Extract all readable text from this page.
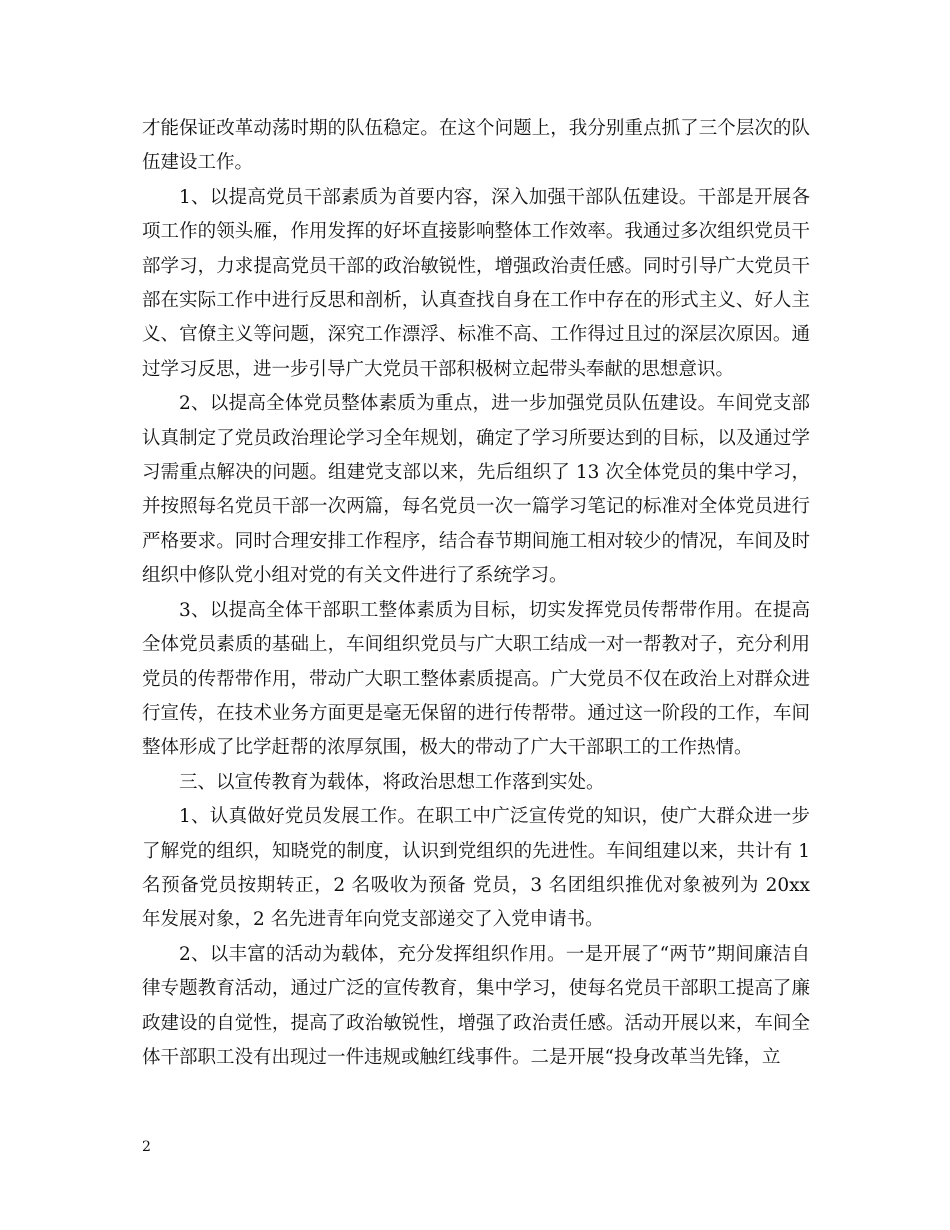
才能保证改革动荡时期的队伍稳定。在这个问题上，我分别重点抓了三个层次的队伍建设工作。

1、以提高党员干部素质为首要内容，深入加强干部队伍建设。干部是开展各项工作的领头雁，作用发挥的好坏直接影响整体工作效率。我通过多次组织党员干部学习，力求提高党员干部的政治敏锐性，增强政治责任感。同时引导广大党员干部在实际工作中进行反思和剖析，认真查找自身在工作中存在的形式主义、好人主义、官僚主义等问题，深究工作漂浮、标准不高、工作得过且过的深层次原因。通过学习反思，进一步引导广大党员干部积极树立起带头奉献的思想意识。

2、以提高全体党员整体素质为重点，进一步加强党员队伍建设。车间党支部认真制定了党员政治理论学习全年规划，确定了学习所要达到的目标，以及通过学习需重点解决的问题。组建党支部以来，先后组织了 13 次全体党员的集中学习，并按照每名党员干部一次两篇，每名党员一次一篇学习笔记的标准对全体党员进行严格要求。同时合理安排工作程序，结合春节期间施工相对较少的情况，车间及时组织中修队党小组对党的有关文件进行了系统学习。

3、以提高全体干部职工整体素质为目标，切实发挥党员传帮带作用。在提高全体党员素质的基础上，车间组织党员与广大职工结成一对一帮教对子，充分利用党员的传帮带作用，带动广大职工整体素质提高。广大党员不仅在政治上对群众进行宣传，在技术业务方面更是毫无保留的进行传帮带。通过这一阶段的工作，车间整体形成了比学赶帮的浓厚氛围，极大的带动了广大干部职工的工作热情。

三、以宣传教育为载体，将政治思想工作落到实处。

1、认真做好党员发展工作。在职工中广泛宣传党的知识，使广大群众进一步了解党的组织，知晓党的制度，认识到党组织的先进性。车间组建以来，共计有 1 名预备党员按期转正，2 名吸收为预备 党员，3 名团组织推优对象被列为 20xx 年发展对象，2 名先进青年向党支部递交了入党申请书。

2、以丰富的活动为载体，充分发挥组织作用。一是开展了“两节”期间廉洁自律专题教育活动，通过广泛的宣传教育，集中学习，使每名党员干部职工提高了廉政建设的自觉性，提高了政治敏锐性，增强了政治责任感。活动开展以来，车间全体干部职工没有出现过一件违规或触红线事件。二是开展“投身改革当先锋，立

2
